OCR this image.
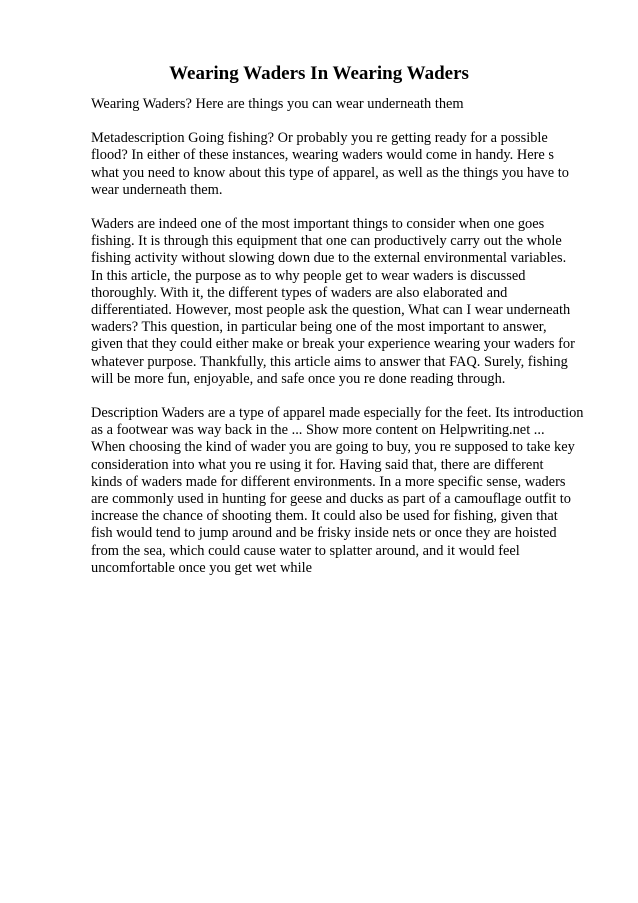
Wearing Waders In Wearing Waders

Wearing Waders? Here are things you can wear underneath them

Metadescription Going fishing? Or probably you re getting ready for a possible
flood? In either of these instances, wearing waders would come in handy. Here s
what you need to know about this type of apparel, as well as the things you have to
wear underneath them.

Waders are indeed one of the most important things to consider when one goes
fishing. It is through this equipment that one can productively carry out the whole
fishing activity without slowing down due to the external environmental variables.
In this article, the purpose as to why people get to wear waders is discussed
thoroughly. With it, the different types of waders are also elaborated and
differentiated. However, most people ask the question, What can I wear underneath
waders? This question, in particular being one of the most important to answer,
given that they could either make or break your experience wearing your waders for
whatever purpose. Thankfully, this article aims to answer that FAQ. Surely, fishing
will be more fun, enjoyable, and safe once you re done reading through.

Description Waders are a type of apparel made especially for the feet. Its introduction
as a footwear was way back in the ... Show more content on Helpwriting.net ...
When choosing the kind of wader you are going to buy, you re supposed to take key
consideration into what you re using it for. Having said that, there are different
kinds of waders made for different environments. In a more specific sense, waders
are commonly used in hunting for geese and ducks as part of a camouflage outfit to
increase the chance of shooting them. It could also be used for fishing, given that
fish would tend to jump around and be frisky inside nets or once they are hoisted
from the sea, which could cause water to splatter around, and it would feel
uncomfortable once you get wet while
